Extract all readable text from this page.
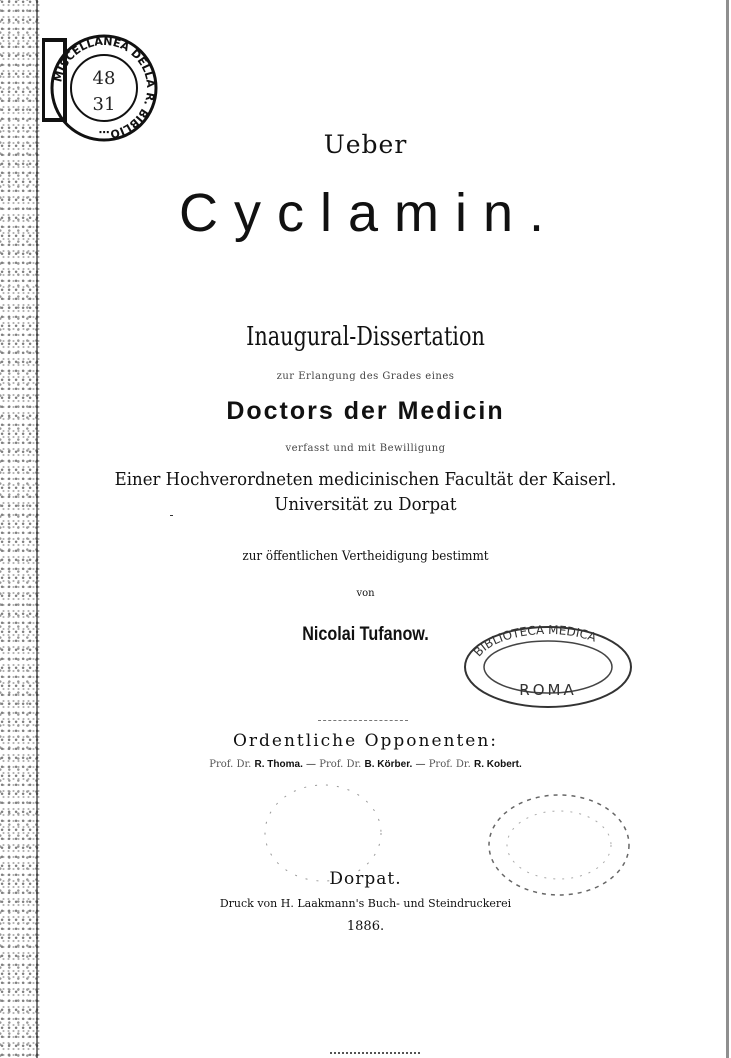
MISCELLANEA DELLA R. BIBLIO…
48
31
Ueber
Cyclamin.
Inaugural-Dissertation
zur Erlangung des Grades eines
Doctors der Medicin
verfasst und mit Bewilligung
Einer Hochverordneten medicinischen Facultät der Kaiserl.
Universität zu Dorpat
zur öffentlichen Vertheidigung bestimmt
von
Nicolai Tufanow.
BIBLIOTECA MEDICA
ROMA
Ordentliche Opponenten:
Prof. Dr. R. Thoma. — Prof. Dr. B. Körber. — Prof. Dr. R. Kobert.
Dorpat.
Druck von H. Laakmann's Buch- und Steindruckerei
1886.
